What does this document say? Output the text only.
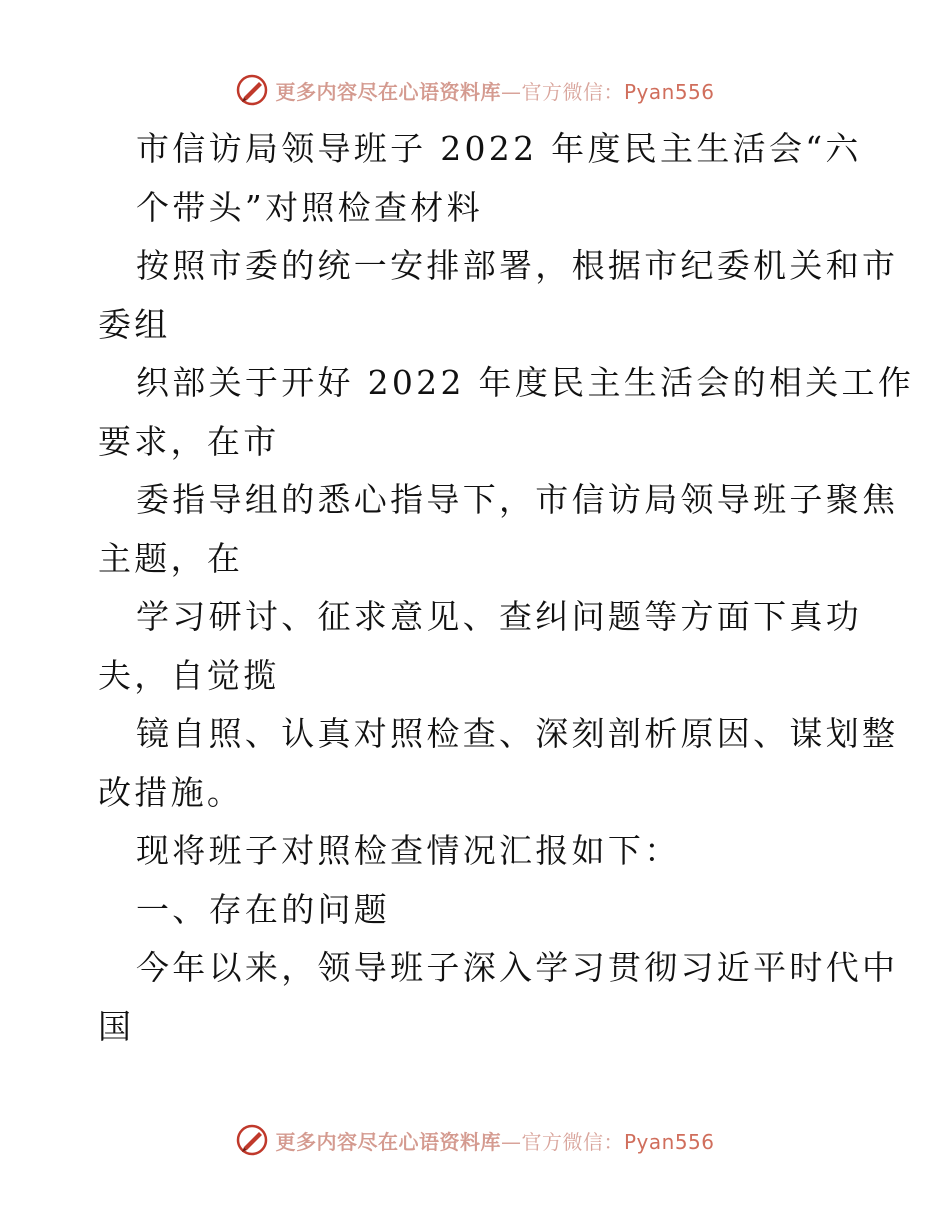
更多内容尽在心语资料库—官方微信：Pyan556
市信访局领导班子 2022 年度民主生活会“六
个带头”对照检查材料
按照市委的统一安排部署，根据市纪委机关和市
委组
织部关于开好 2022 年度民主生活会的相关工作
要求，在市
委指导组的悉心指导下，市信访局领导班子聚焦
主题，在
学习研讨、征求意见、查纠问题等方面下真功
夫，自觉揽
镜自照、认真对照检查、深刻剖析原因、谋划整
改措施。
现将班子对照检查情况汇报如下：
一、存在的问题
今年以来，领导班子深入学习贯彻习近平时代中
国
更多内容尽在心语资料库—官方微信：Pyan556
